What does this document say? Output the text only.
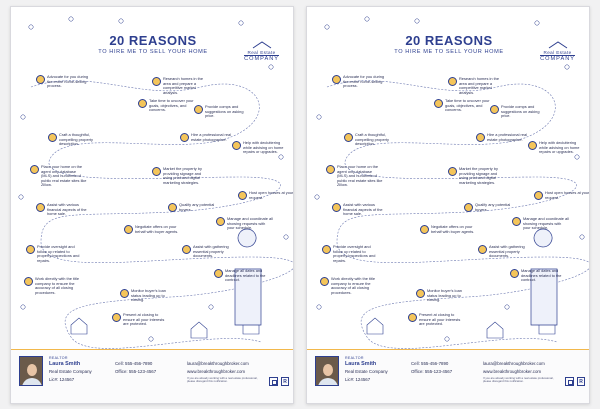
20 REASONS
TO HIRE ME TO SELL YOUR HOME	Real Estate
COMPANY
Advocate for you during the entire home-selling process.
Research homes in the area and prepare a competitive market analysis.
Take time to uncover your goals, objectives, and concerns.
Provide comps and suggestions on asking price.
Craft a thoughtful, compelling property description.
Hire a professional real estate photographer.
Help with decluttering while advising on home repairs or upgrades.
Place your home on the agent only database (MLS) and hundreds of public real estate sites like Zillow.
Market the property by providing signage and using print and digital marketing strategies.
Host open houses at your request.
Assist with various financial aspects of the home sale.
Qualify any potential buyers.
Negotiate offers on your behalf with buyer agents.
Manage and coordinate all showing requests with your schedule.
Provide oversight and follow up related to property inspections and repairs.
Assist with gathering essential property documents.
Manage all dates and deadlines related to the contract.
Work directly with the title company to ensure the accuracy of all closing procedures.	Monitor buyer's loan status leading up to closing.
Present at closing to ensure all your interests are protected.
REALTOR
Laura Smith
Real Estate Company
Lic#: 124567
Cell: 555-456-7890
Office: 555-123-4567
laura@breakthroughbroker.com
www.breakthroughbroker.com
If you are already working with a real estate professional, please disregard this notification.	R
20 REASONS
TO HIRE ME TO SELL YOUR HOME	Real Estate
COMPANY
Advocate for you during the entire home-selling process.
Research homes in the area and prepare a competitive market analysis.
Take time to uncover your goals, objectives, and concerns.
Provide comps and suggestions on asking price.
Craft a thoughtful, compelling property description.
Hire a professional real estate photographer.
Help with decluttering while advising on home repairs or upgrades.
Place your home on the agent only database (MLS) and hundreds of public real estate sites like Zillow.
Market the property by providing signage and using print and digital marketing strategies.
Host open houses at your request.
Assist with various financial aspects of the home sale.
Qualify any potential buyers.
Negotiate offers on your behalf with buyer agents.
Manage and coordinate all showing requests with your schedule.
Provide oversight and follow up related to property inspections and repairs.
Assist with gathering essential property documents.
Manage all dates and deadlines related to the contract.
Work directly with the title company to ensure the accuracy of all closing procedures.	Monitor buyer's loan status leading up to closing.
Present at closing to ensure all your interests are protected.
REALTOR
Laura Smith
Real Estate Company
Lic#: 124567
Cell: 555-456-7890
Office: 555-123-4567
laura@breakthroughbroker.com
www.breakthroughbroker.com
If you are already working with a real estate professional, please disregard this notification.	R
